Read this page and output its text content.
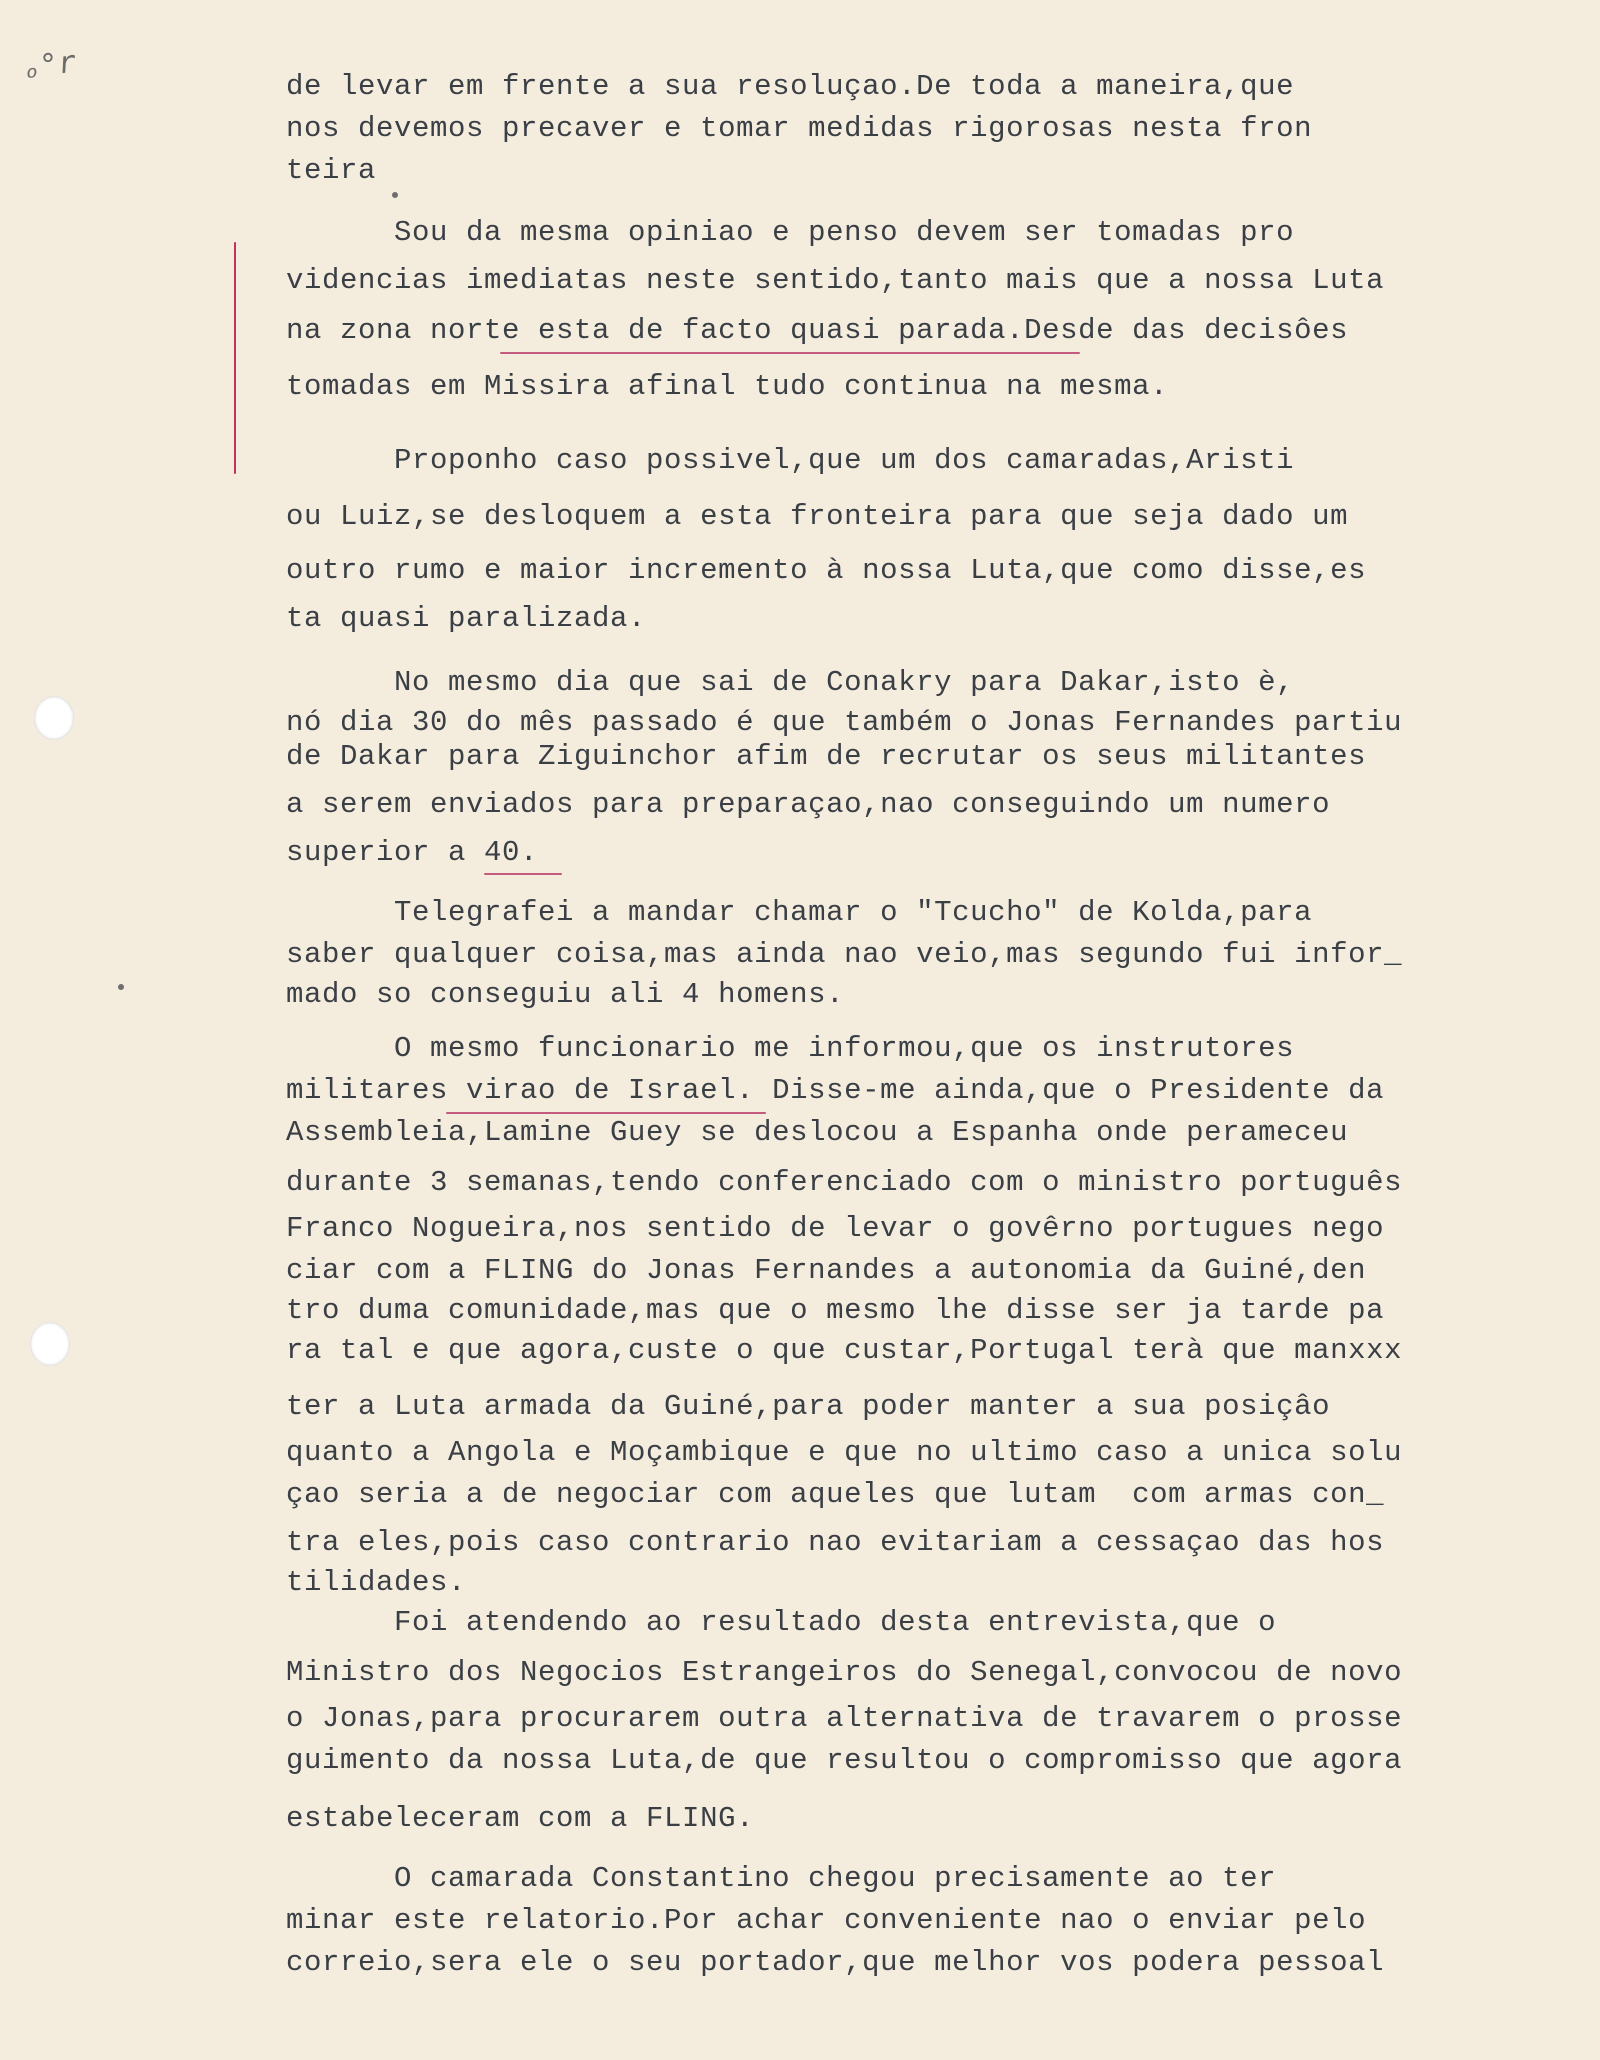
ₒ°r	de levar em frente a sua resoluçao.De toda a maneira,que
nos devemos precaver e tomar medidas rigorosas nesta fron
teira
Sou da mesma opiniao e penso devem ser tomadas pro
videncias imediatas neste sentido,tanto mais que a nossa Luta
na zona norte esta de facto quasi parada.Desde das decisôes
tomadas em Missira afinal tudo continua na mesma.
Proponho caso possivel,que um dos camaradas,Aristi
ou Luiz,se desloquem a esta fronteira para que seja dado um
outro rumo e maior incremento à nossa Luta,que como disse,es
ta quasi paralizada.
No mesmo dia que sai de Conakry para Dakar,isto è,
nó dia 30 do mês passado é que também o Jonas Fernandes partiu
de Dakar para Ziguinchor afim de recrutar os seus militantes
a serem enviados para preparaçao,nao conseguindo um numero
superior a 40.
Telegrafei a mandar chamar o "Tcucho" de Kolda,para
saber qualquer coisa,mas ainda nao veio,mas segundo fui infor_
mado so conseguiu ali 4 homens.
O mesmo funcionario me informou,que os instrutores
militares virao de Israel. Disse-me ainda,que o Presidente da
Assembleia,Lamine Guey se deslocou a Espanha onde perameceu
durante 3 semanas,tendo conferenciado com o ministro português
Franco Nogueira,nos sentido de levar o govêrno portugues nego
ciar com a FLING do Jonas Fernandes a autonomia da Guiné,den
tro duma comunidade,mas que o mesmo lhe disse ser ja tarde pa
ra tal e que agora,custe o que custar,Portugal terà que manxxx
ter a Luta armada da Guiné,para poder manter a sua posiçâo
quanto a Angola e Moçambique e que no ultimo caso a unica solu
çao seria a de negociar com aqueles que lutam  com armas con_
tra eles,pois caso contrario nao evitariam a cessaçao das hos
tilidades.
Foi atendendo ao resultado desta entrevista,que o
Ministro dos Negocios Estrangeiros do Senegal,convocou de novo
o Jonas,para procurarem outra alternativa de travarem o prosse
guimento da nossa Luta,de que resultou o compromisso que agora
estabeleceram com a FLING.
O camarada Constantino chegou precisamente ao ter
minar este relatorio.Por achar conveniente nao o enviar pelo
correio,sera ele o seu portador,que melhor vos podera pessoal
